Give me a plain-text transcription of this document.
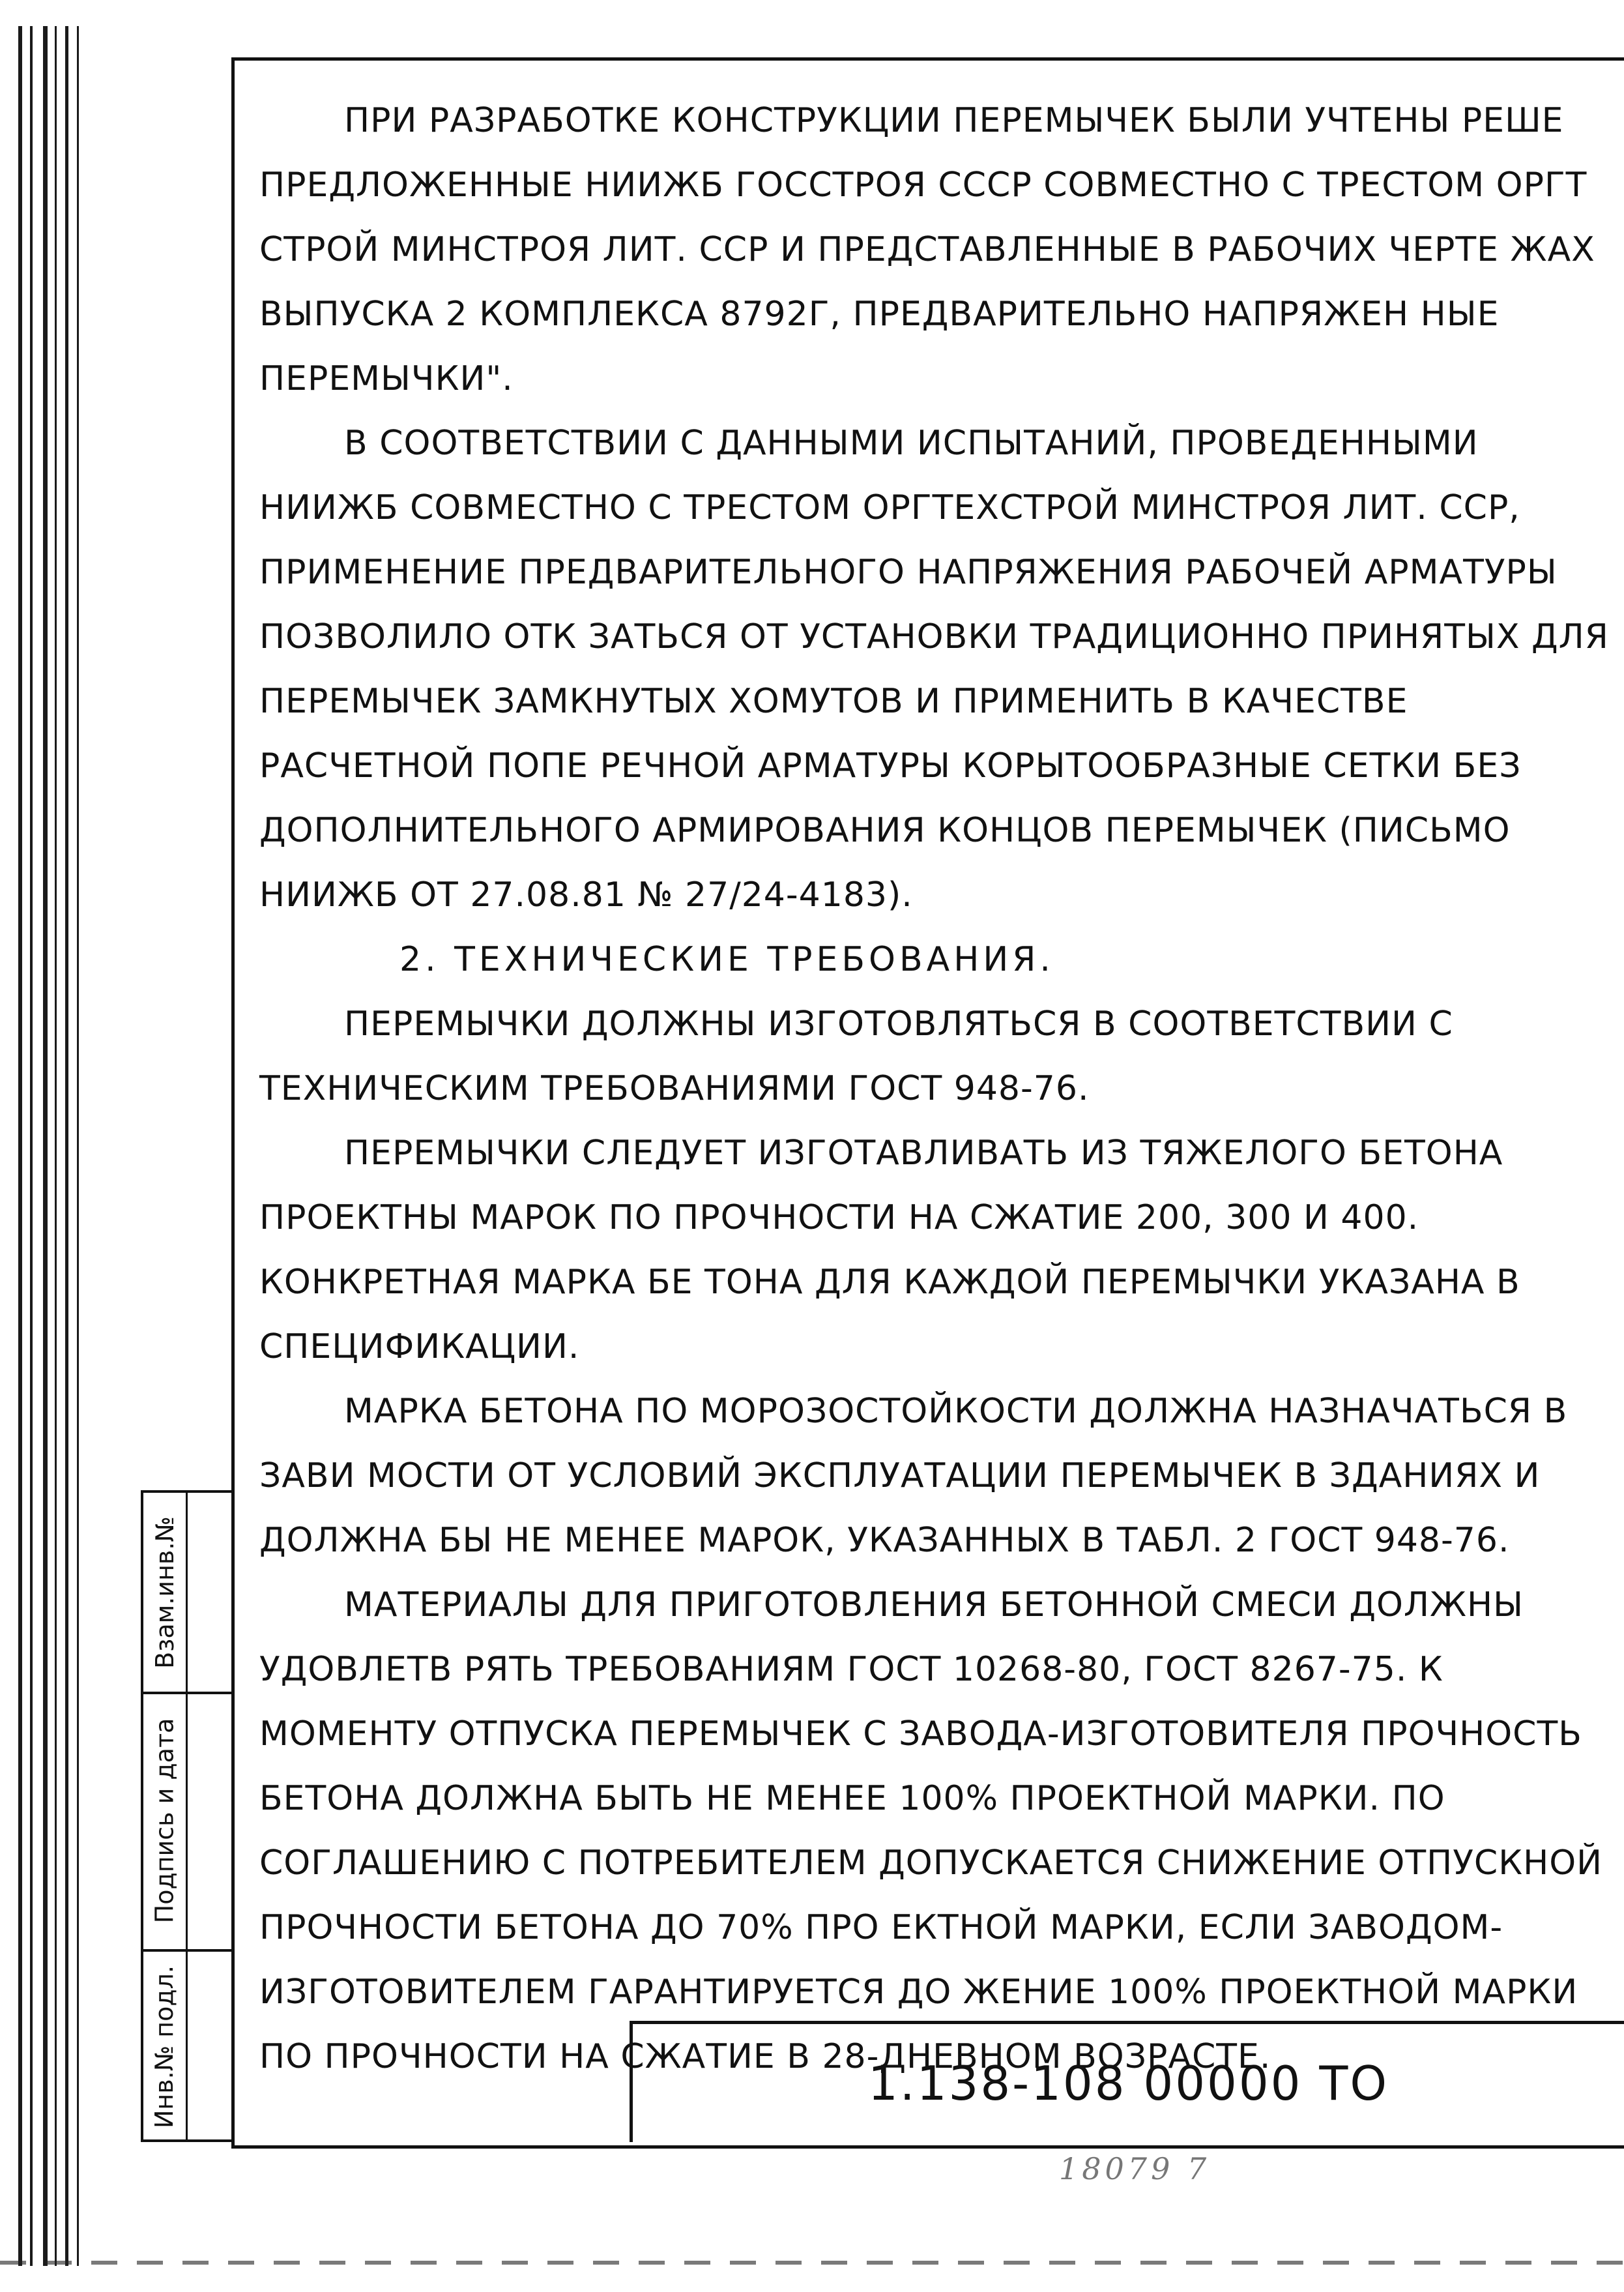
ПРИ РАЗРАБОТКЕ КОНСТРУКЦИИ ПЕРЕМЫЧЕК БЫЛИ УЧТЕНЫ РЕШЕ ПРЕДЛОЖЕННЫЕ НИИЖБ ГОССТРОЯ СССР СОВМЕСТНО С ТРЕСТОМ ОРГТ СТРОЙ МИНСТРОЯ ЛИТ. ССР И ПРЕДСТАВЛЕННЫЕ В РАБОЧИХ ЧЕРТЕ ЖАХ ВЫПУСКА 2 КОМПЛЕКСА 8792Г, ПРЕДВАРИТЕЛЬНО НАПРЯЖЕН НЫЕ ПЕРЕМЫЧКИ".

В СООТВЕТСТВИИ С ДАННЫМИ ИСПЫТАНИЙ, ПРОВЕДЕННЫМИ НИИЖБ СОВМЕСТНО С ТРЕСТОМ ОРГТЕХСТРОЙ МИНСТРОЯ ЛИТ. ССР, ПРИМЕНЕНИЕ ПРЕДВАРИТЕЛЬНОГО НАПРЯЖЕНИЯ РАБОЧЕЙ АРМАТУРЫ ПОЗВОЛИЛО ОТК ЗАТЬСЯ ОТ УСТАНОВКИ ТРАДИЦИОННО ПРИНЯТЫХ ДЛЯ ПЕРЕМЫЧЕК ЗАМКНУТЫХ ХОМУТОВ И ПРИМЕНИТЬ В КАЧЕСТВЕ РАСЧЕТНОЙ ПОПЕ РЕЧНОЙ АРМАТУРЫ КОРЫТООБРАЗНЫЕ СЕТКИ БЕЗ ДОПОЛНИТЕЛЬНОГО АРМИРОВАНИЯ КОНЦОВ ПЕРЕМЫЧЕК (ПИСЬМО НИИЖБ ОТ 27.08.81 № 27/24-4183).

2. ТЕХНИЧЕСКИЕ ТРЕБОВАНИЯ.

ПЕРЕМЫЧКИ ДОЛЖНЫ ИЗГОТОВЛЯТЬСЯ В СООТВЕТСТВИИ С ТЕХНИЧЕСКИМ ТРЕБОВАНИЯМИ ГОСТ 948-76.

ПЕРЕМЫЧКИ СЛЕДУЕТ ИЗГОТАВЛИВАТЬ ИЗ ТЯЖЕЛОГО БЕТОНА ПРОЕКТНЫ МАРОК ПО ПРОЧНОСТИ НА СЖАТИЕ 200, 300 И 400. КОНКРЕТНАЯ МАРКА БЕ ТОНА ДЛЯ КАЖДОЙ ПЕРЕМЫЧКИ УКАЗАНА В СПЕЦИФИКАЦИИ.

МАРКА БЕТОНА ПО МОРОЗОСТОЙКОСТИ ДОЛЖНА НАЗНАЧАТЬСЯ В ЗАВИ МОСТИ ОТ УСЛОВИЙ ЭКСПЛУАТАЦИИ ПЕРЕМЫЧЕК В ЗДАНИЯХ И ДОЛЖНА БЫ НЕ МЕНЕЕ МАРОК, УКАЗАННЫХ В ТАБЛ. 2 ГОСТ 948-76.

МАТЕРИАЛЫ ДЛЯ ПРИГОТОВЛЕНИЯ БЕТОННОЙ СМЕСИ ДОЛЖНЫ УДОВЛЕТВ РЯТЬ ТРЕБОВАНИЯМ ГОСТ 10268-80, ГОСТ 8267-75. К МОМЕНТУ ОТПУСКА ПЕРЕМЫЧЕК С ЗАВОДА-ИЗГОТОВИТЕЛЯ ПРОЧНОСТЬ БЕТОНА ДОЛЖНА БЫТЬ НЕ МЕНЕЕ 100% ПРОЕКТНОЙ МАРКИ. ПО СОГЛАШЕНИЮ С ПОТРЕБИТЕЛЕМ ДОПУСКАЕТСЯ СНИЖЕНИЕ ОТПУСКНОЙ ПРОЧНОСТИ БЕТОНА ДО 70% ПРО ЕКТНОЙ МАРКИ, ЕСЛИ ЗАВОДОМ-ИЗГОТОВИТЕЛЕМ ГАРАНТИРУЕТСЯ ДО ЖЕНИЕ 100% ПРОЕКТНОЙ МАРКИ ПО ПРОЧНОСТИ НА СЖАТИЕ В 28-ДНЕВНОМ ВОЗРАСТЕ.

Взам.инв.№
Подпись и дата
Инв.№ подл.	1.138-108 00000 ТО
18079 7
